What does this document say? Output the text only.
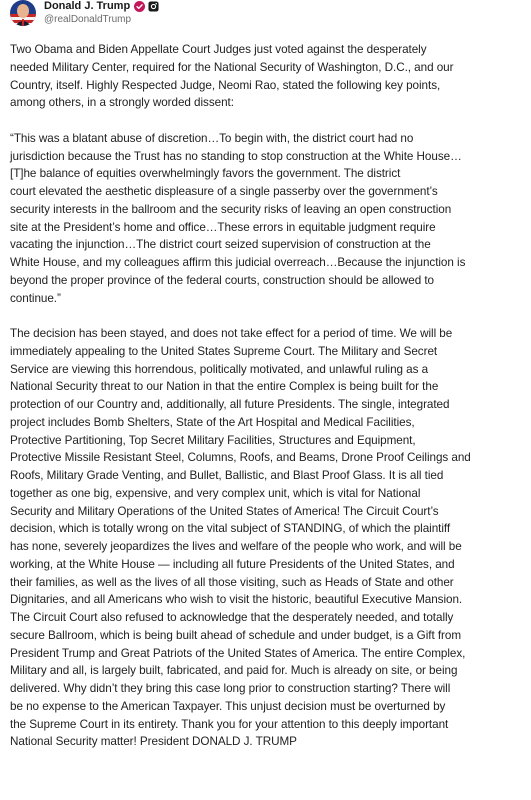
Donald J. Trump
@realDonaldTrump

Two Obama and Biden Appellate Court Judges just voted against the desperately
needed Military Center, required for the National Security of Washington, D.C., and our
Country, itself. Highly Respected Judge, Neomi Rao, stated the following key points,
among others, in a strongly worded dissent:

“This was a blatant abuse of discretion…To begin with, the district court had no
jurisdiction because the Trust has no standing to stop construction at the White House…
[T]he balance of equities overwhelmingly favors the government. The district
court elevated the aesthetic displeasure of a single passerby over the government’s
security interests in the ballroom and the security risks of leaving an open construction
site at the President’s home and office…These errors in equitable judgment require
vacating the injunction…The district court seized supervision of construction at the
White House, and my colleagues affirm this judicial overreach…Because the injunction is
beyond the proper province of the federal courts, construction should be allowed to
continue.”

The decision has been stayed, and does not take effect for a period of time. We will be
immediately appealing to the United States Supreme Court. The Military and Secret
Service are viewing this horrendous, politically motivated, and unlawful ruling as a
National Security threat to our Nation in that the entire Complex is being built for the
protection of our Country and, additionally, all future Presidents. The single, integrated
project includes Bomb Shelters, State of the Art Hospital and Medical Facilities,
Protective Partitioning, Top Secret Military Facilities, Structures and Equipment,
Protective Missile Resistant Steel, Columns, Roofs, and Beams, Drone Proof Ceilings and
Roofs, Military Grade Venting, and Bullet, Ballistic, and Blast Proof Glass. It is all tied
together as one big, expensive, and very complex unit, which is vital for National
Security and Military Operations of the United States of America! The Circuit Court’s
decision, which is totally wrong on the vital subject of STANDING, of which the plaintiff
has none, severely jeopardizes the lives and welfare of the people who work, and will be
working, at the White House — including all future Presidents of the United States, and
their families, as well as the lives of all those visiting, such as Heads of State and other
Dignitaries, and all Americans who wish to visit the historic, beautiful Executive Mansion.
The Circuit Court also refused to acknowledge that the desperately needed, and totally
secure Ballroom, which is being built ahead of schedule and under budget, is a Gift from
President Trump and Great Patriots of the United States of America. The entire Complex,
Military and all, is largely built, fabricated, and paid for. Much is already on site, or being
delivered. Why didn’t they bring this case long prior to construction starting? There will
be no expense to the American Taxpayer. This unjust decision must be overturned by
the Supreme Court in its entirety. Thank you for your attention to this deeply important
National Security matter! President DONALD J. TRUMP
